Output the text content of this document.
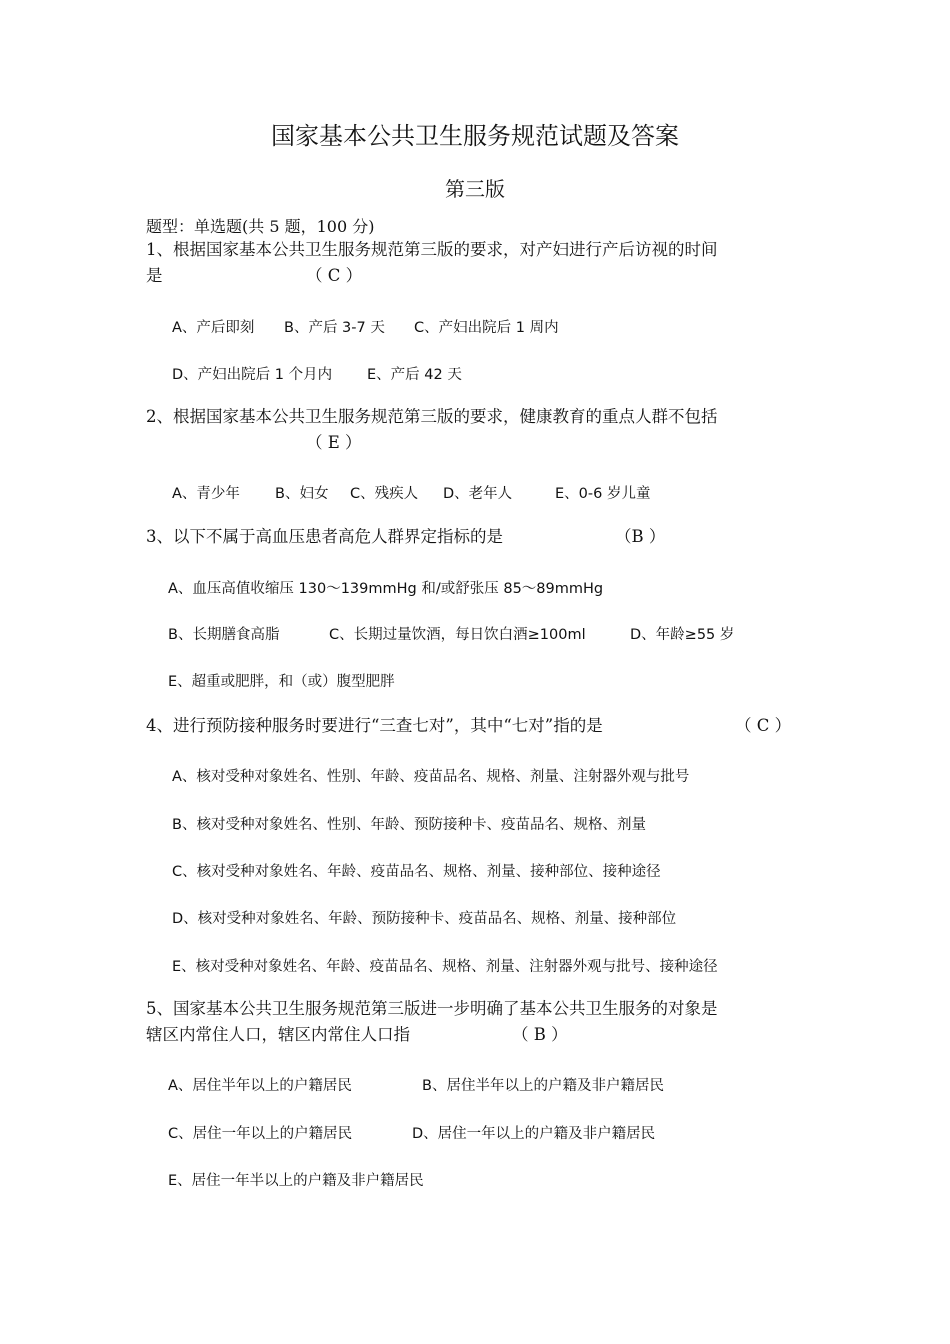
国家基本公共卫生服务规范试题及答案
第三版
题型：单选题(共 5 题，100 分)
1、根据国家基本公共卫生服务规范第三版的要求，对产妇进行产后访视的时间
是	（ C ）
A、产后即刻 B、产后 3-7 天 C、产妇出院后 1 周内
D、产妇出院后 1 个月内 E、产后 42 天
2、根据国家基本公共卫生服务规范第三版的要求，健康教育的重点人群不包括
（ E ）
A、青少年 B、妇女 C、残疾人 D、老年人	E、0-6 岁儿童
3、以下不属于高血压患者高危人群界定指标的是	（B ）
A、血压高值收缩压 130～139mmHg 和/或舒张压 85～89mmHg
B、长期膳食高脂	C、长期过量饮酒，每日饮白酒≥100ml	D、年龄≥55 岁
E、超重或肥胖，和（或）腹型肥胖
4、进行预防接种服务时要进行“三查七对”，其中“七对”指的是	（ C ）
A、核对受种对象姓名、性别、年龄、疫苗品名、规格、剂量、注射器外观与批号
B、核对受种对象姓名、性别、年龄、预防接种卡、疫苗品名、规格、剂量
C、核对受种对象姓名、年龄、疫苗品名、规格、剂量、接种部位、接种途径
D、核对受种对象姓名、年龄、预防接种卡、疫苗品名、规格、剂量、接种部位
E、核对受种对象姓名、年龄、疫苗品名、规格、剂量、注射器外观与批号、接种途径
5、国家基本公共卫生服务规范第三版进一步明确了基本公共卫生服务的对象是
辖区内常住人口，辖区内常住人口指	（ B ）
A、居住半年以上的户籍居民	B、居住半年以上的户籍及非户籍居民
C、居住一年以上的户籍居民	D、居住一年以上的户籍及非户籍居民
E、居住一年半以上的户籍及非户籍居民
